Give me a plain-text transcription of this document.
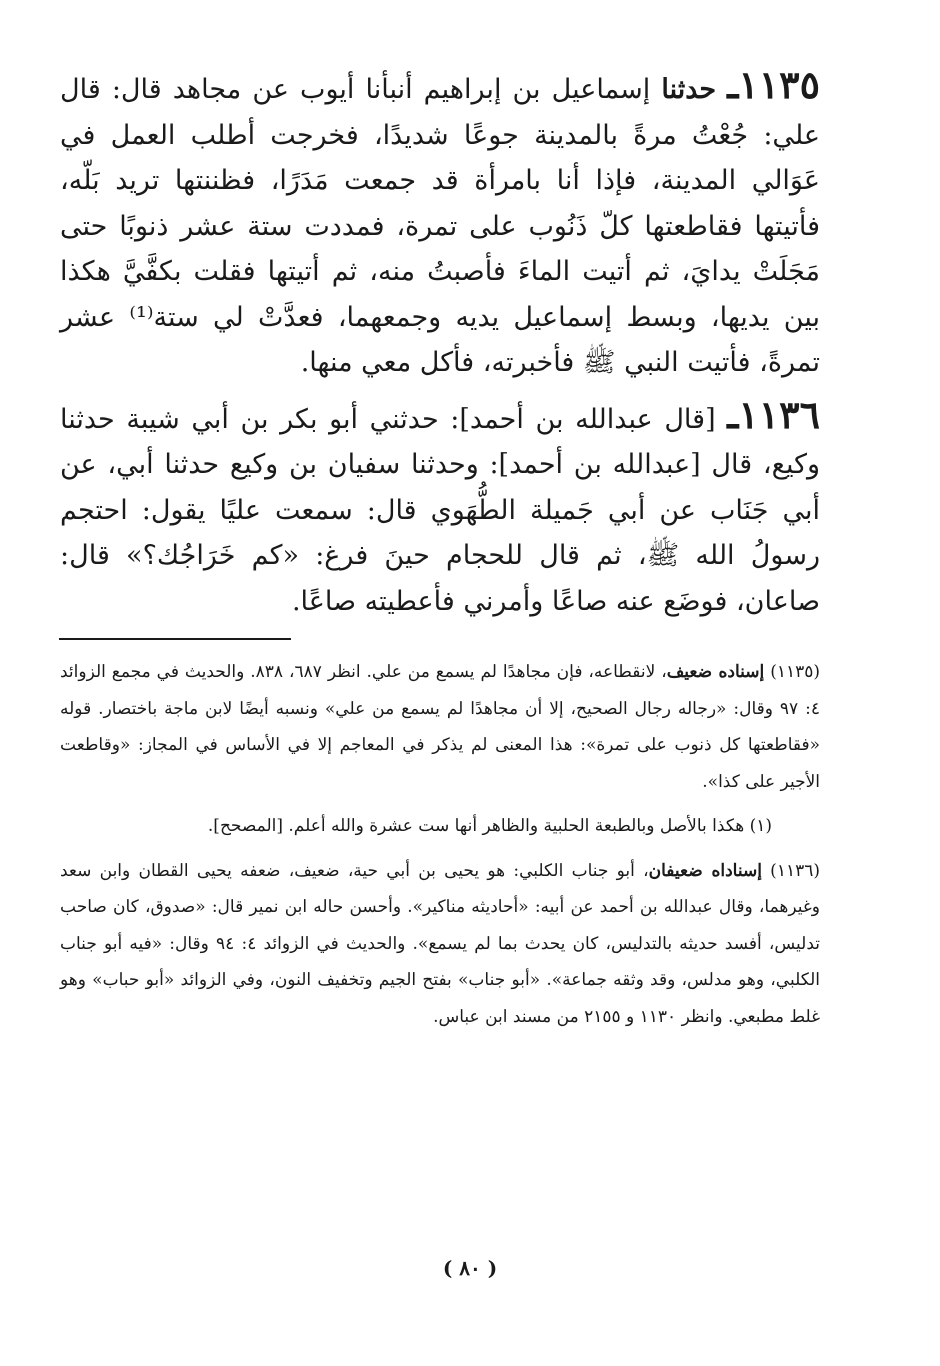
١١٣٥ـ حدثنا إسماعيل بن إبراهيم أنبأنا أيوب عن مجاهد قال: قال علي: جُعْتُ مرةً بالمدينة جوعًا شديدًا، فخرجت أطلب العمل في عَوَالي المدينة، فإذا أنا بامرأة قد جمعت مَدَرًا، فظننتها تريد بَلّه، فأتيتها فقاطعتها كلّ ذَنُوب على تمرة، فمددت ستة عشر ذنوبًا حتى مَجَلَتْ يدايَ، ثم أتيت الماءَ فأصبتُ منه، ثم أتيتها فقلت بكفَّيَّ هكذا بين يديها، وبسط إسماعيل يديه وجمعهما، فعدَّتْ لي ستة⁽¹⁾ عشر تمرةً، فأتيت النبي ﷺ فأخبرته، فأكل معي منها.

١١٣٦ـ [قال عبدالله بن أحمد]: حدثني أبو بكر بن أبي شيبة حدثنا وكيع، قال [عبدالله بن أحمد]: وحدثنا سفيان بن وكيع حدثنا أبي، عن أبي جَنَاب عن أبي جَميلة الطُّهَوي قال: سمعت عليًا يقول: احتجم رسولُ الله ﷺ، ثم قال للحجام حينَ فرغ: «كم خَرَاجُك؟» قال: صاعان، فوضَع عنه صاعًا وأمرني فأعطيته صاعًا.

(١١٣٥) إسناده ضعيف، لانقطاعه، فإن مجاهدًا لم يسمع من علي. انظر ٦٨٧، ٨٣٨. والحديث في مجمع الزوائد ٤: ٩٧ وقال: «رجاله رجال الصحيح، إلا أن مجاهدًا لم يسمع من علي» ونسبه أيضًا لابن ماجة باختصار. قوله «فقاطعتها كل ذنوب على تمرة»: هذا المعنى لم يذكر في المعاجم إلا في الأساس في المجاز: «وقاطعت الأجير على كذا».

(١) هكذا بالأصل وبالطبعة الحلبية والظاهر أنها ست عشرة والله أعلم. [المصحح].

(١١٣٦) إسناداه ضعيفان، أبو جناب الكلبي: هو يحيى بن أبي حية، ضعيف، ضعفه يحيى القطان وابن سعد وغيرهما، وقال عبدالله بن أحمد عن أبيه: «أحاديثه مناكير». وأحسن حاله ابن نمير قال: «صدوق، كان صاحب تدليس، أفسد حديثه بالتدليس، كان يحدث بما لم يسمع». والحديث في الزوائد ٤: ٩٤ وقال: «فيه أبو جناب الكلبي، وهو مدلس، وقد وثقه جماعة». «أبو جناب» بفتح الجيم وتخفيف النون، وفي الزوائد «أبو حباب» وهو غلط مطبعي. وانظر ١١٣٠ و ٢١٥٥ من مسند ابن عباس.

( ٨٠ )
